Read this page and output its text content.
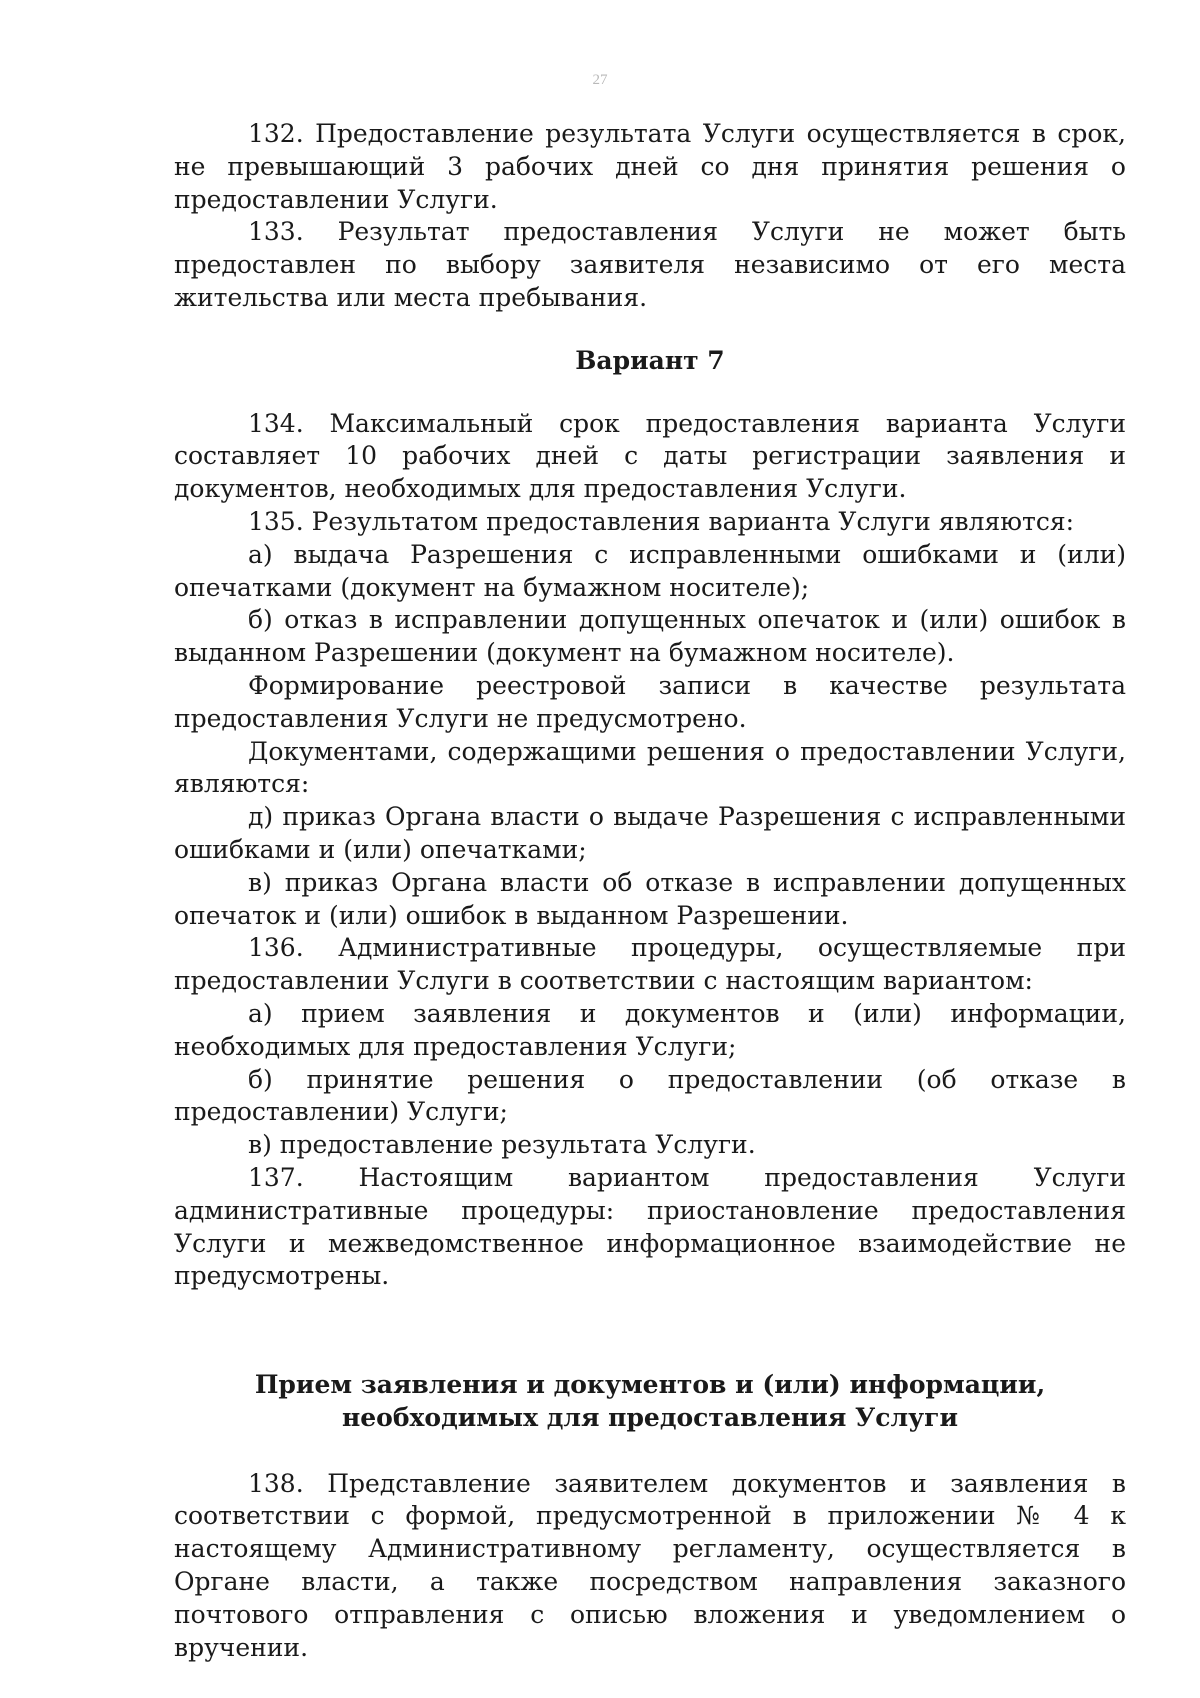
27

132. Предоставление результата Услуги осуществляется в срок, не превышающий 3 рабочих дней со дня принятия решения о предоставлении Услуги.

133. Результат предоставления Услуги не может быть предоставлен по выбору заявителя независимо от его места жительства или места пребывания.

Вариант 7

134. Максимальный срок предоставления варианта Услуги составляет 10 рабочих дней с даты регистрации заявления и документов, необходимых для предоставления Услуги.

135. Результатом предоставления варианта Услуги являются:

а) выдача Разрешения с исправленными ошибками и (или) опечатками (документ на бумажном носителе);

б) отказ в исправлении допущенных опечаток и (или) ошибок в выданном Разрешении (документ на бумажном носителе).

Формирование реестровой записи в качестве результата предоставления Услуги не предусмотрено.

Документами, содержащими решения о предоставлении Услуги, являются:

д) приказ Органа власти о выдаче Разрешения с исправленными ошибками и (или) опечатками;

в) приказ Органа власти об отказе в исправлении допущенных опечаток и (или) ошибок в выданном Разрешении.

136. Административные процедуры, осуществляемые при предоставлении Услуги в соответствии с настоящим вариантом:

а) прием заявления и документов и (или) информации, необходимых для предоставления Услуги;

б) принятие решения о предоставлении (об отказе в предоставлении) Услуги;

в) предоставление результата Услуги.

137. Настоящим вариантом предоставления Услуги административные процедуры: приостановление предоставления Услуги и межведомственное информационное взаимодействие не предусмотрены.

Прием заявления и документов и (или) информации, необходимых для предоставления Услуги

138. Представление заявителем документов и заявления в соответствии с формой, предусмотренной в приложении № 4 к настоящему Административному регламенту, осуществляется в Органе власти, а также посредством направления заказного почтового отправления с описью вложения и уведомлением о вручении.
